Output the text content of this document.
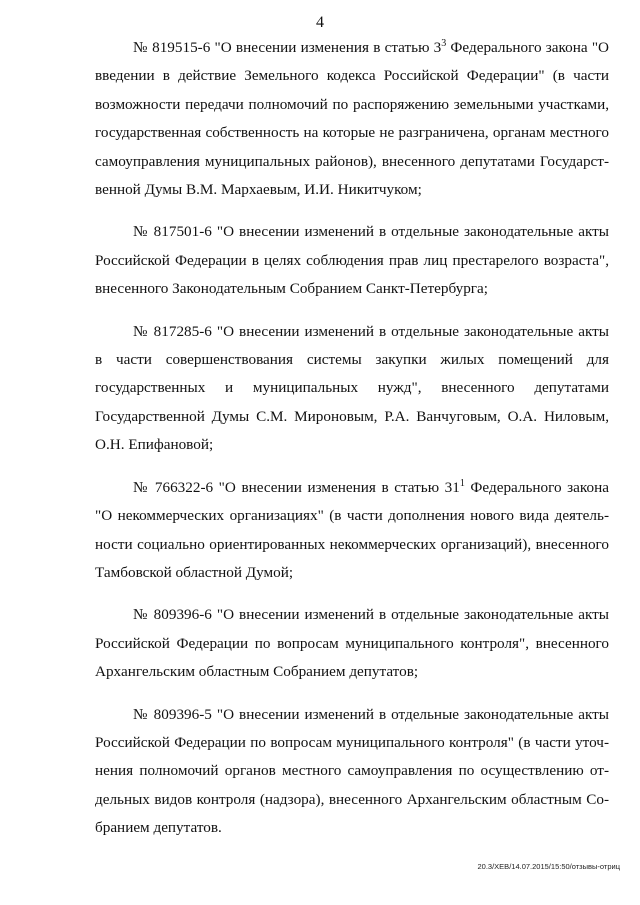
4

№ 819515-6 "О внесении изменения в статью $3^3$ Федерального закона "О введении в действие Земельного кодекса Российской Федерации" (в части возможности передачи полномочий по распоряжению земельными участками, государственная собственность на которые не разграничена, органам местного самоуправления муниципальных районов), внесенного депутатами Государственной Думы В.М. Мархаевым, И.И. Никитчуком;

№ 817501-6 "О внесении изменений в отдельные законодательные акты Российской Федерации в целях соблюдения прав лиц престарелого возраста", внесенного Законодательным Собранием Санкт-Петербурга;

№ 817285-6 "О внесении изменений в отдельные законодательные акты в части совершенствования системы закупки жилых помещений для государственных и муниципальных нужд", внесенного депутатами Государственной Думы С.М. Мироновым, Р.А. Ванчуговым, О.А. Ниловым, О.Н. Епифановой;

№ 766322-6 "О внесении изменения в статью $31^1$ Федерального закона "О некоммерческих организациях" (в части дополнения нового вида деятельности социально ориентированных некоммерческих организаций), внесенного Тамбовской областной Думой;

№ 809396-6 "О внесении изменений в отдельные законодательные акты Российской Федерации по вопросам муниципального контроля", внесенного Архангельским областным Собранием депутатов;

№ 809396-5 "О внесении изменений в отдельные законодательные акты Российской Федерации по вопросам муниципального контроля" (в части уточнения полномочий органов местного самоуправления по осуществлению отдельных видов контроля (надзора), внесенного Архангельским областным Собранием депутатов.

20.3/XEB/14.07.2015/15:50/отзывы-отриц
